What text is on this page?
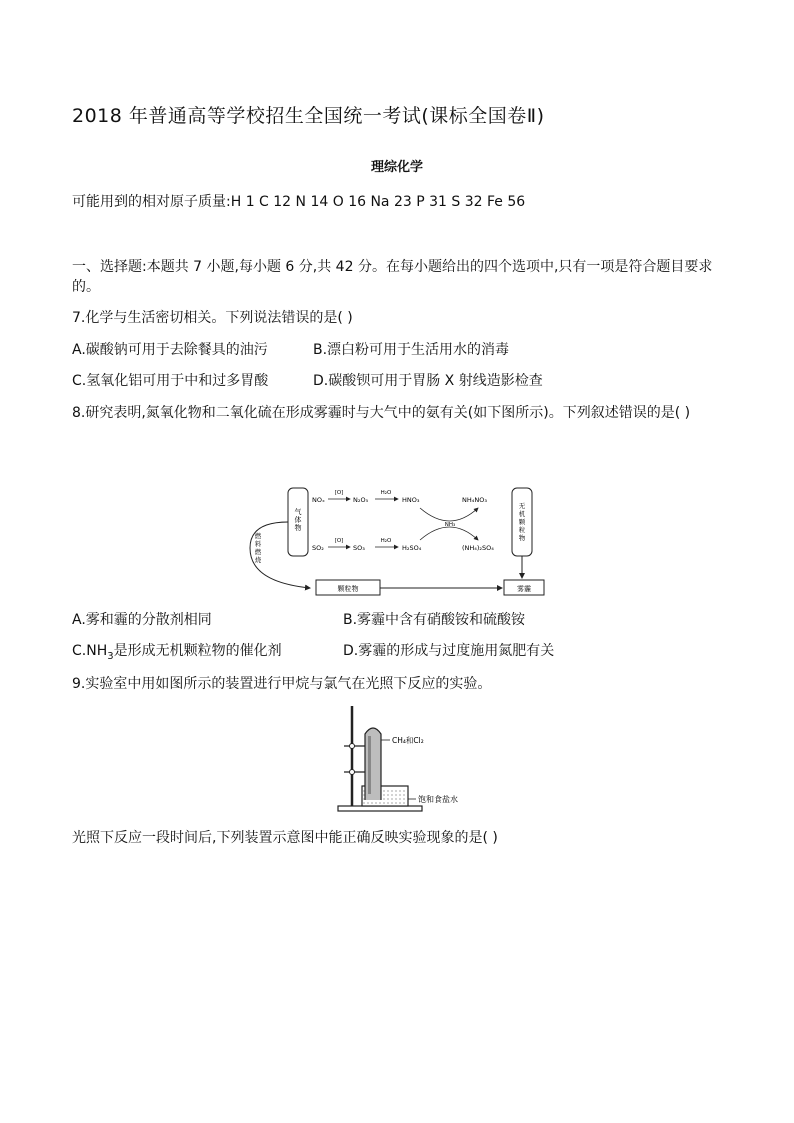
2018 年普通高等学校招生全国统一考试(课标全国卷Ⅱ)
理综化学
可能用到的相对原子质量:H 1 C 12 N 14 O 16 Na 23 P 31 S 32 Fe 56
一、选择题:本题共 7 小题,每小题 6 分,共 42 分。在每小题给出的四个选项中,只有一项是符合题目要求的。
7.化学与生活密切相关。下列说法错误的是( )
A.碳酸钠可用于去除餐具的油污	B.漂白粉可用于生活用水的消毒
C.氢氧化铝可用于中和过多胃酸	D.碳酸钡可用于胃肠 X 射线造影检查
8.研究表明,氮氧化物和二氧化硫在形成雾霾时与大气中的氨有关(如下图所示)。下列叙述错误的是( )
气体物
无机颗粒物
燃料燃烧
颗粒物	雾霾
NOₓ
[O]
N₂O₅
H₂O
HNO₃	NH₄NO₃
NH₃
SO₂
[O]
SO₃
H₂O
H₂SO₄	(NH₄)₂SO₄
A.雾和霾的分散剂相同	B.雾霾中含有硝酸铵和硫酸铵
$C.NH_3$是形成无机颗粒物的催化剂	D.雾霾的形成与过度施用氮肥有关
9.实验室中用如图所示的装置进行甲烷与氯气在光照下反应的实验。
CH₄和Cl₂
饱和食盐水
光照下反应一段时间后,下列装置示意图中能正确反映实验现象的是( )
